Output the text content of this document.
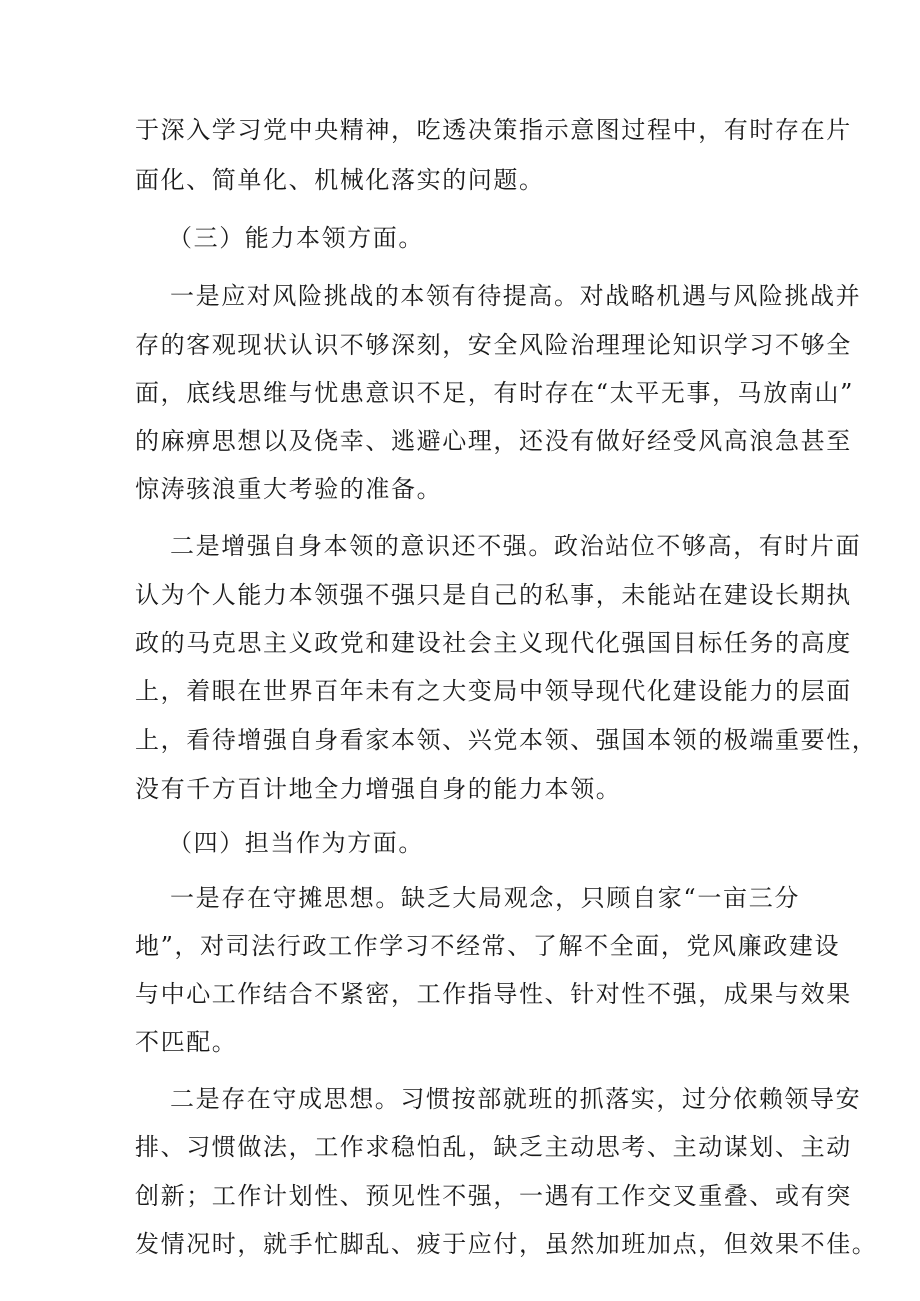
于深入学习党中央精神，吃透决策指示意图过程中，有时存在片
面化、简单化、机械化落实的问题。
（三）能力本领方面。
一是应对风险挑战的本领有待提高。对战略机遇与风险挑战并
存的客观现状认识不够深刻，安全风险治理理论知识学习不够全
面，底线思维与忧患意识不足，有时存在“太平无事，马放南山”
的麻痹思想以及侥幸、逃避心理，还没有做好经受风高浪急甚至
惊涛骇浪重大考验的准备。
二是增强自身本领的意识还不强。政治站位不够高，有时片面
认为个人能力本领强不强只是自己的私事，未能站在建设长期执
政的马克思主义政党和建设社会主义现代化强国目标任务的高度
上，着眼在世界百年未有之大变局中领导现代化建设能力的层面
上，看待增强自身看家本领、兴党本领、强国本领的极端重要性，
没有千方百计地全力增强自身的能力本领。
（四）担当作为方面。
一是存在守摊思想。缺乏大局观念，只顾自家“一亩三分
地”，对司法行政工作学习不经常、了解不全面，党风廉政建设
与中心工作结合不紧密，工作指导性、针对性不强，成果与效果
不匹配。
二是存在守成思想。习惯按部就班的抓落实，过分依赖领导安
排、习惯做法，工作求稳怕乱，缺乏主动思考、主动谋划、主动
创新；工作计划性、预见性不强，一遇有工作交叉重叠、或有突
发情况时，就手忙脚乱、疲于应付，虽然加班加点，但效果不佳。
